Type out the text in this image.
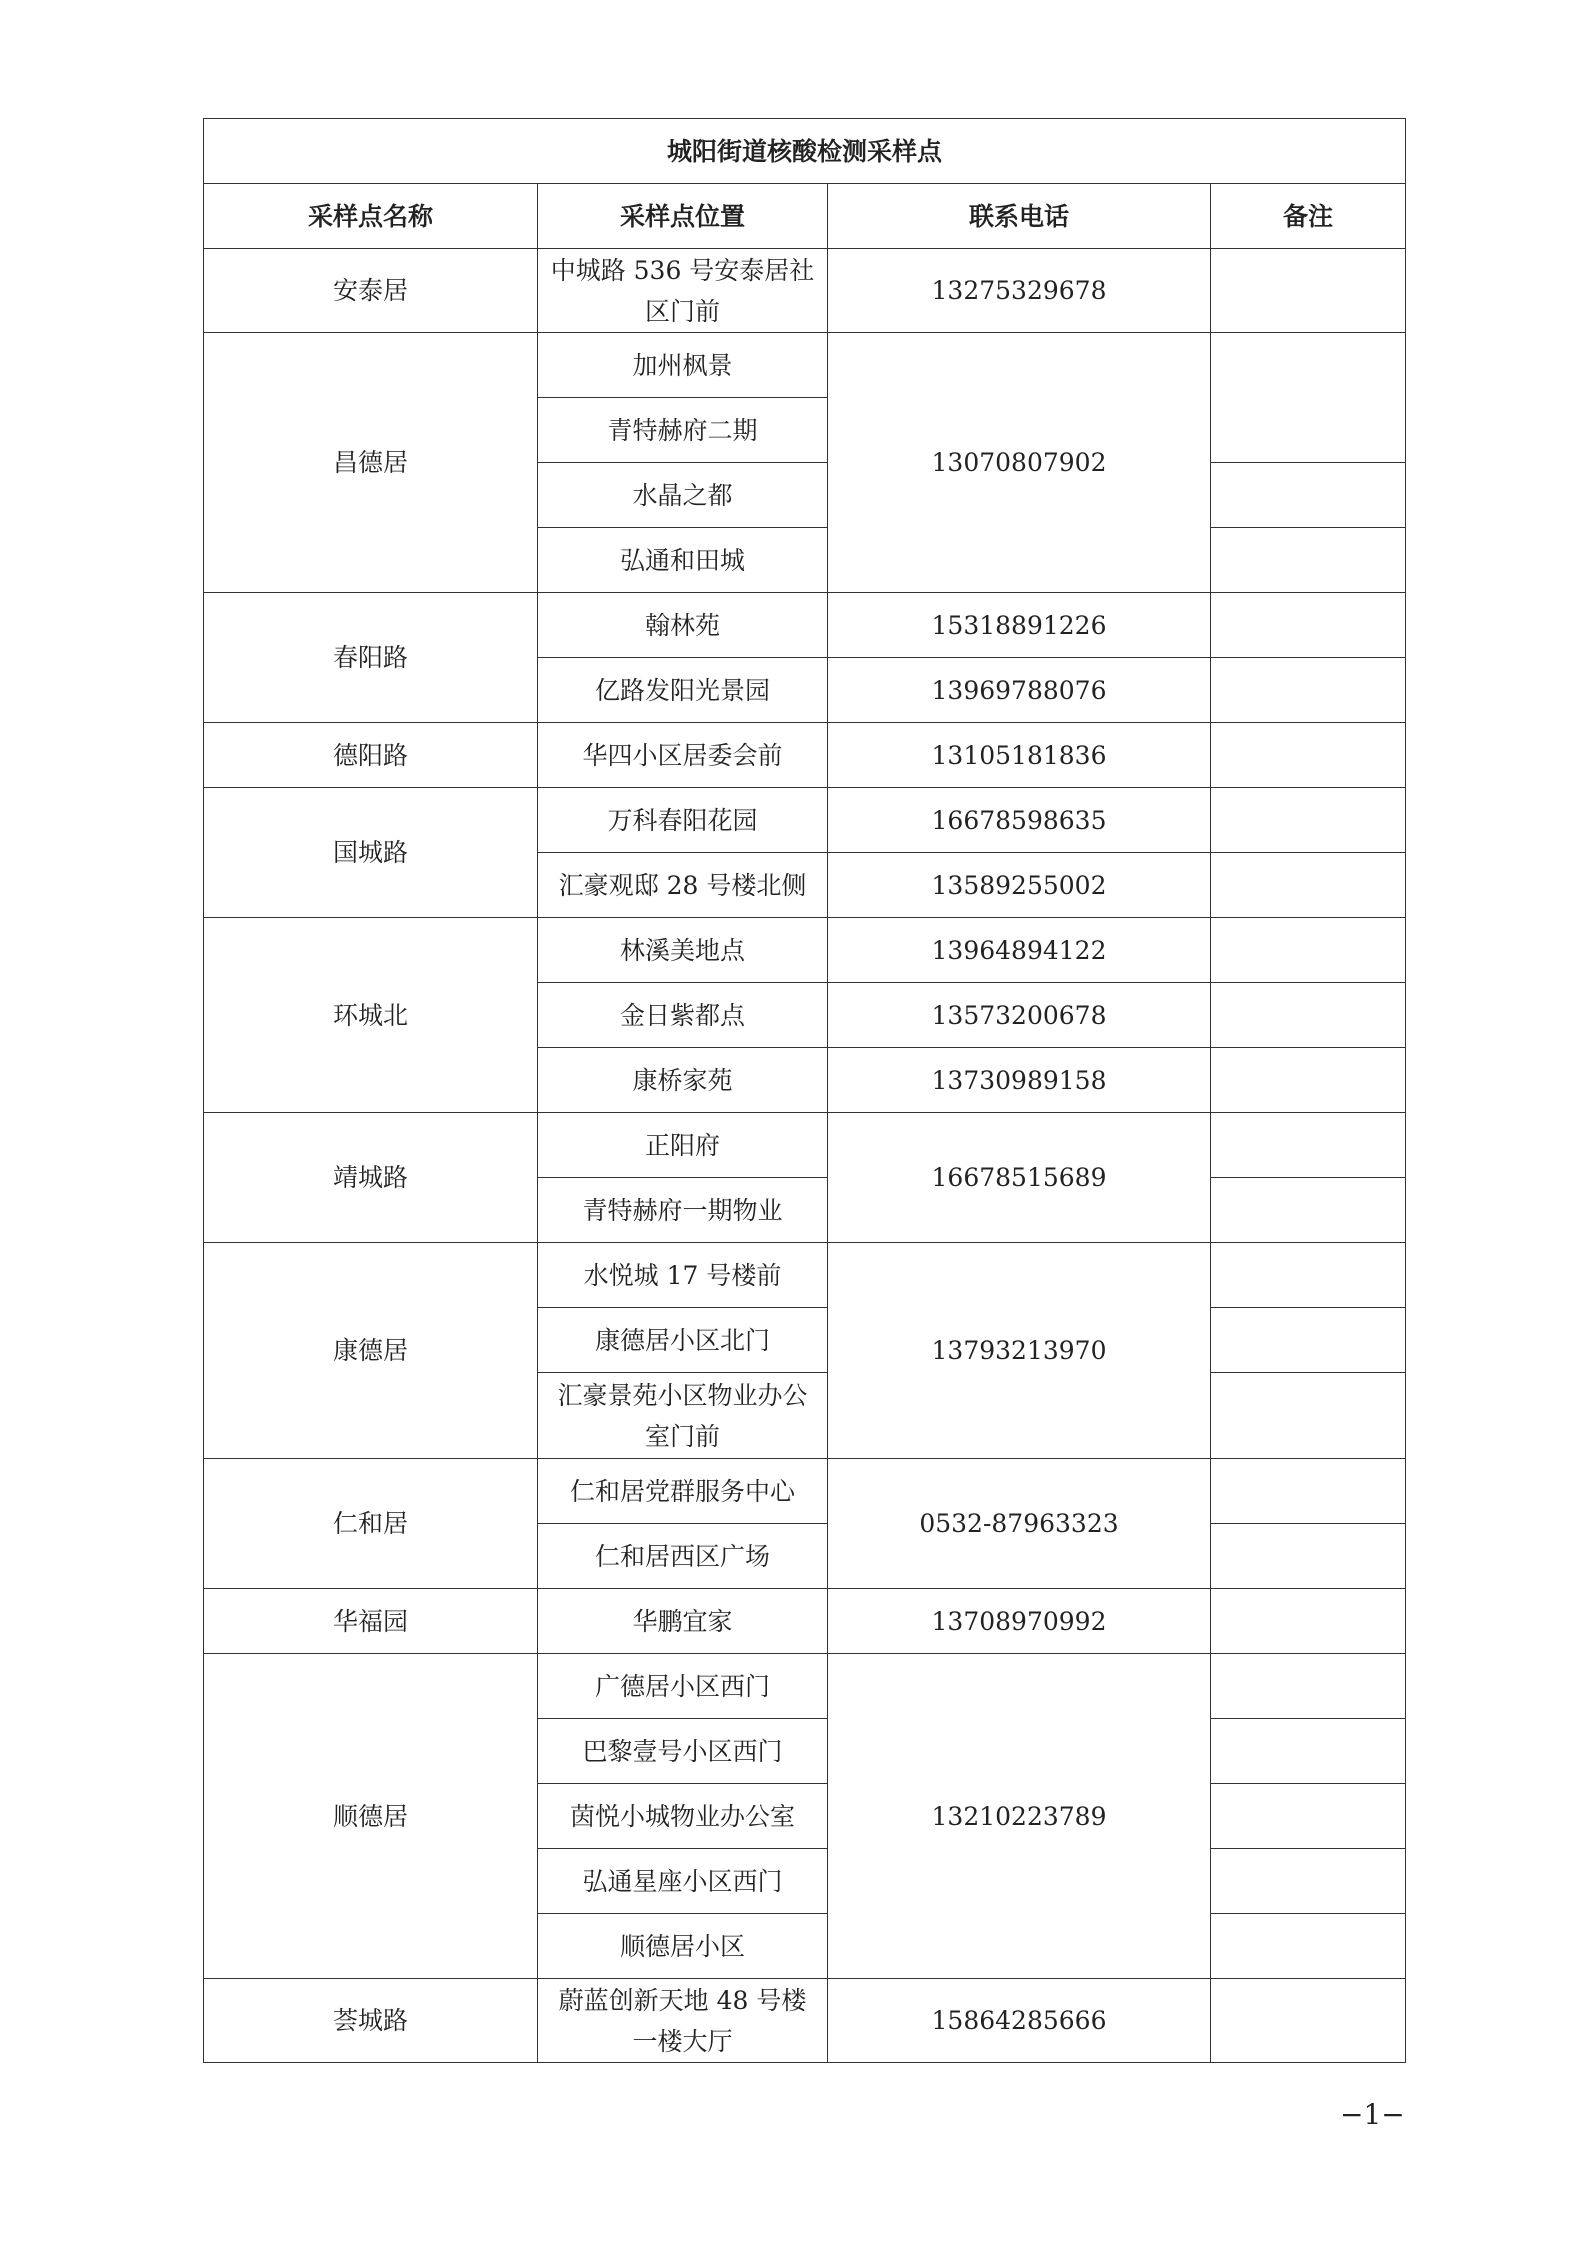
城阳街道核酸检测采样点			
采样点名称	采样点位置	联系电话	备注
安泰居	中城路 536 号安泰居社区门前	13275329678	
昌德居	加州枫景	13070807902	
	青特赫府二期		
	水晶之都		
	弘通和田城		
春阳路	翰林苑	15318891226	
	亿路发阳光景园	13969788076	
德阳路	华四小区居委会前	13105181836	
国城路	万科春阳花园	16678598635	
	汇豪观邸 28 号楼北侧	13589255002	
环城北	林溪美地点	13964894122	
	金日紫都点	13573200678	
	康桥家苑	13730989158	
靖城路	正阳府	16678515689	
	青特赫府一期物业		
康德居	水悦城 17 号楼前	13793213970	
	康德居小区北门		
	汇豪景苑小区物业办公室门前		
仁和居	仁和居党群服务中心	0532-87963323	
	仁和居西区广场		
华福园	华鹏宜家	13708970992	
顺德居	广德居小区西门	13210223789	
	巴黎壹号小区西门		
	茵悦小城物业办公室		
	弘通星座小区西门		
	顺德居小区		
荟城路	蔚蓝创新天地 48 号楼一楼大厅	15864285666	
−1−
